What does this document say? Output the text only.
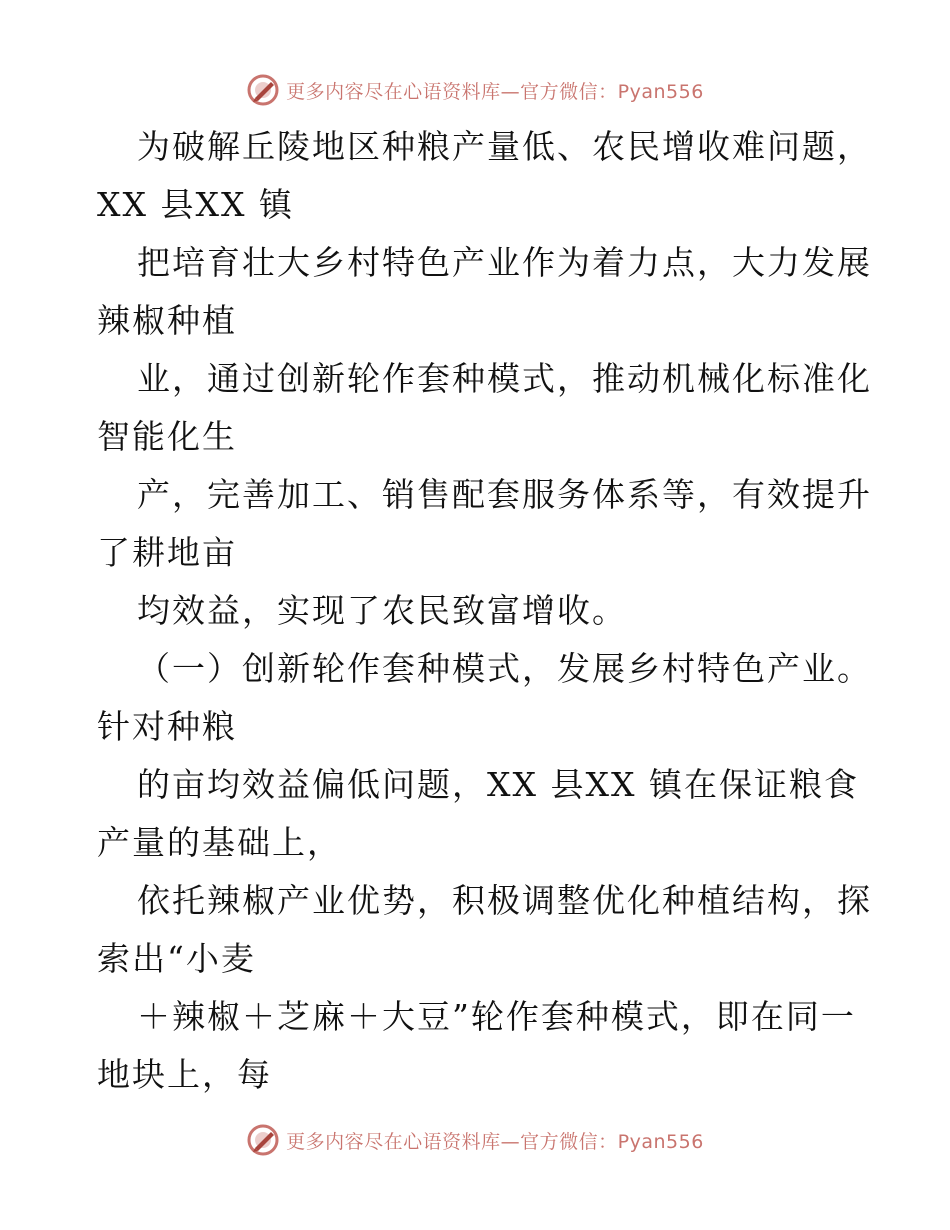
更多内容尽在心语资料库—官方微信：Pyan556
为破解丘陵地区种粮产量低、农民增收难问题，
XX 县XX 镇
把培育壮大乡村特色产业作为着力点，大力发展
辣椒种植
业，通过创新轮作套种模式，推动机械化标准化
智能化生
产，完善加工、销售配套服务体系等，有效提升
了耕地亩
均效益，实现了农民致富增收。
（一）创新轮作套种模式，发展乡村特色产业。
针对种粮
的亩均效益偏低问题，XX 县XX 镇在保证粮食
产量的基础上，
依托辣椒产业优势，积极调整优化种植结构，探
索出“小麦
＋辣椒＋芝麻＋大豆”轮作套种模式，即在同一
地块上，每
更多内容尽在心语资料库—官方微信：Pyan556
